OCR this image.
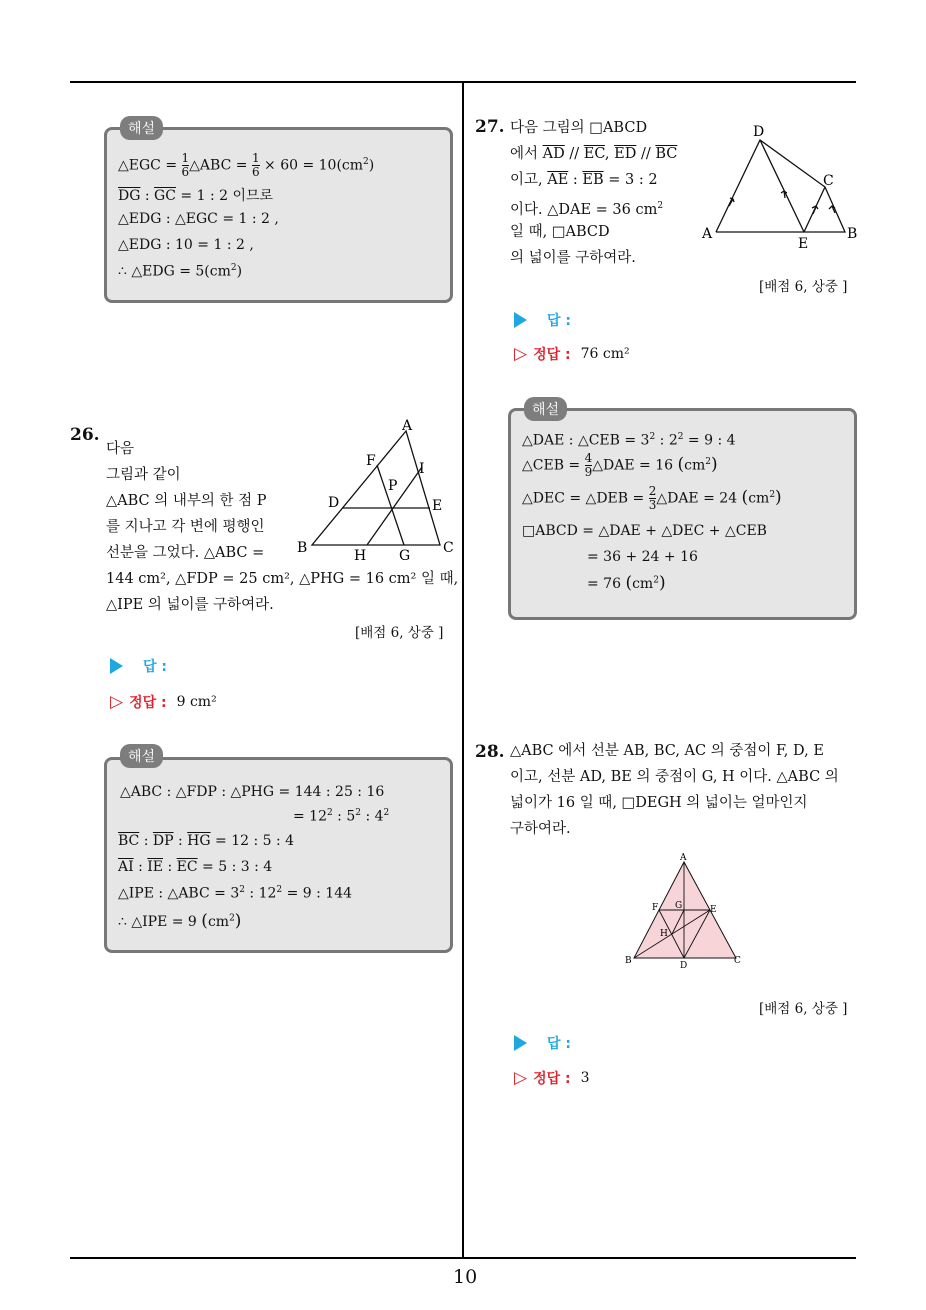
10
해설
△EGC = $\frac{1}{6}$ △ABC = $\frac{1}{6} \times 60 = 10(cm^2)$
$\overline{DG}$ : $\overline{GC} = 1$ : 2 이므로
△EDG : △EGC = 1 : 2 ,
△EDG : 10 = 1 : 2 ,
∴ △EDG = $5(cm^2)$
26.
다음
그림과 같이
△ABC 의 내부의 한 점 P
를 지나고 각 변에 평행인
선분을 그었다. △ABC =
144 cm², △FDP = 25 cm², △PHG = 16 cm² 일 때,
△IPE 의 넓이를 구하여라.
A
B	C
D	E
F
G
H
I
P
[배점 6, 상중 ]
답 :
▷ 정답 : 9 cm²
해설
△ABC : △FDP : △PHG = 144 : 25 : 16
= $12^2$ : $5^2$ : $4^2$
$\overline{BC}$ : $\overline{DP}$ : $\overline{HG} = 12$ : 5 : 4
$\overline{AI}$ : $\overline{IE}$ : $\overline{EC} = 5$ : 3 : 4
△IPE : △ABC = $3^2$ : $12^2 = 9$ : 144
∴ △IPE = 9 $(cm^2)$
27. 다음 그림의 □ABCD
에서 $\overline{AD} // \overline{EC}$, $\overline{ED} // \overline{BC}$
이고, $\overline{AE}$ : $\overline{EB} = 3$ : 2
이다. △DAE = 36 $cm^2$
일 때, □ABCD
의 넓이를 구하여라.
D
A	B
C
E
[배점 6, 상중 ]
답 :
▷ 정답 : 76 cm²
해설
△DAE : △CEB = $3^2$ : $2^2 = 9$ : 4
△CEB = $\frac{4}{9}$ △DAE = 16 $(cm^2)$
△DEC = △DEB = $\frac{2}{3}$ △DAE = 24 $(cm^2)$
□ABCD = △DAE + △DEC + △CEB
= 36 + 24 + 16
= 76 $(cm^2)$
28. △ABC 에서 선분 AB, BC, AC 의 중점이 F, D, E
이고, 선분 AD, BE 의 중점이 G, H 이다. △ABC 의
넓이가 16 일 때, □DEGH 의 넓이는 얼마인지
구하여라.
A
B	C
D
E
F G
H
[배점 6, 상중 ]
답 :
▷ 정답 : 3
